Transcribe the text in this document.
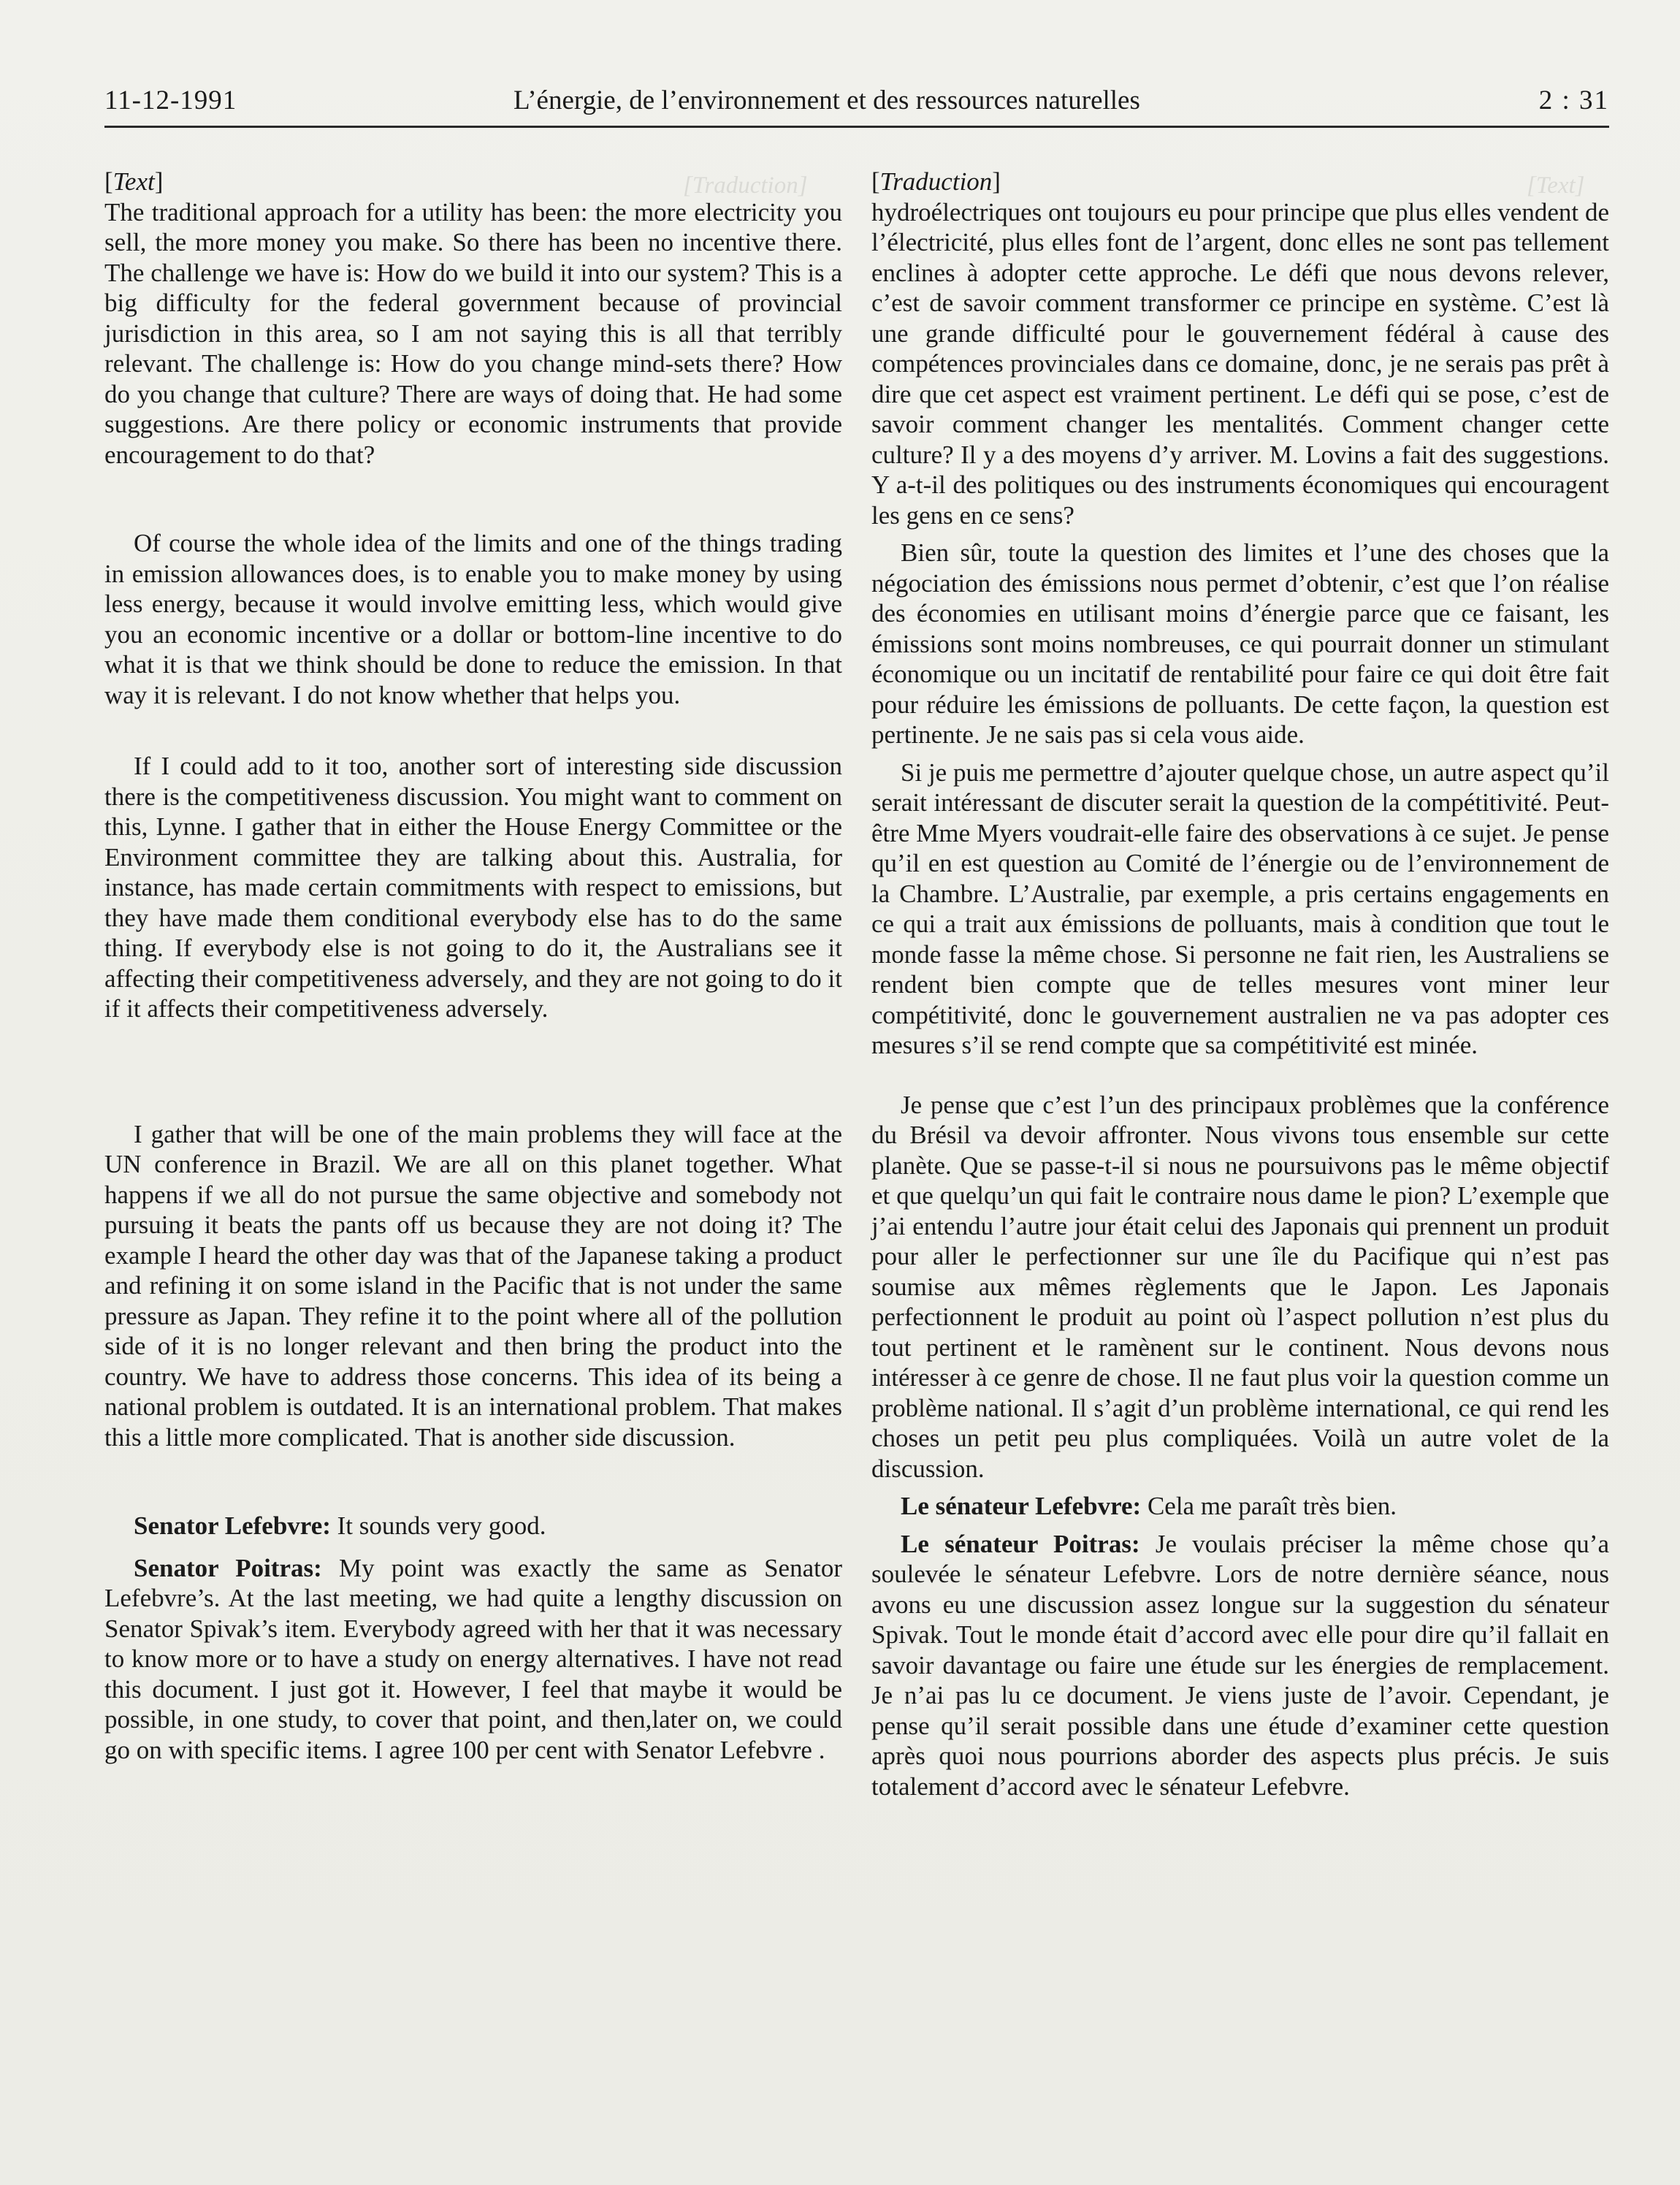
11-12-1991	L’énergie, de l’environnement et des ressources naturelles	2 : 31
[Traduction]	[Text]

[Text]

The traditional approach for a utility has been: the more electricity you sell, the more money you make. So there has been no incentive there. The challenge we have is: How do we build it into our system? This is a big difficulty for the federal government because of provincial jurisdiction in this area, so I am not saying this is all that terribly relevant. The challenge is: How do you change mind-sets there? How do you change that culture? There are ways of doing that. He had some suggestions. Are there policy or economic instruments that provide encouragement to do that?

Of course the whole idea of the limits and one of the things trading in emission allowances does, is to enable you to make money by using less energy, because it would involve emitting less, which would give you an economic incentive or a dollar or bottom-line incentive to do what it is that we think should be done to reduce the emission. In that way it is relevant. I do not know whether that helps you.

If I could add to it too, another sort of interesting side discussion there is the competitiveness discussion. You might want to comment on this, Lynne. I gather that in either the House Energy Committee or the Environment committee they are talking about this. Australia, for instance, has made certain commitments with respect to emissions, but they have made them conditional everybody else has to do the same thing. If everybody else is not going to do it, the Australians see it affecting their competitiveness adversely, and they are not going to do it if it affects their competitiveness adversely.

I gather that will be one of the main problems they will face at the UN conference in Brazil. We are all on this planet together. What happens if we all do not pursue the same objective and somebody not pursuing it beats the pants off us because they are not doing it? The example I heard the other day was that of the Japanese taking a product and refining it on some island in the Pacific that is not under the same pressure as Japan. They refine it to the point where all of the pollution side of it is no longer relevant and then bring the product into the country. We have to address those concerns. This idea of its being a national problem is outdated. It is an international problem. That makes this a little more complicated. That is another side discussion.

Senator Lefebvre: It sounds very good.

Senator Poitras: My point was exactly the same as Senator Lefebvre’s. At the last meeting, we had quite a lengthy discussion on Senator Spivak’s item. Everybody agreed with her that it was necessary to know more or to have a study on energy alternatives. I have not read this document. I just got it. However, I feel that maybe it would be possible, in one study, to cover that point, and then,later on, we could go on with specific items. I agree 100 per cent with Senator Lefebvre .

[Traduction]

hydroélectriques ont toujours eu pour principe que plus elles vendent de l’électricité, plus elles font de l’argent, donc elles ne sont pas tellement enclines à adopter cette approche. Le défi que nous devons relever, c’est de savoir comment transformer ce principe en système. C’est là une grande difficulté pour le gouvernement fédéral à cause des compétences provinciales dans ce domaine, donc, je ne serais pas prêt à dire que cet aspect est vraiment pertinent. Le défi qui se pose, c’est de savoir comment changer les mentalités. Comment changer cette culture? Il y a des moyens d’y arriver. M. Lovins a fait des suggestions. Y a-t-il des politiques ou des instruments économiques qui encouragent les gens en ce sens?

Bien sûr, toute la question des limites et l’une des choses que la négociation des émissions nous permet d’obtenir, c’est que l’on réalise des économies en utilisant moins d’énergie parce que ce faisant, les émissions sont moins nombreuses, ce qui pourrait donner un stimulant économique ou un incitatif de rentabilité pour faire ce qui doit être fait pour réduire les émissions de polluants. De cette façon, la question est pertinente. Je ne sais pas si cela vous aide.

Si je puis me permettre d’ajouter quelque chose, un autre aspect qu’il serait intéressant de discuter serait la question de la compétitivité. Peut-être Mme Myers voudrait-elle faire des observations à ce sujet. Je pense qu’il en est question au Comité de l’énergie ou de l’environnement de la Chambre. L’Australie, par exemple, a pris certains engagements en ce qui a trait aux émissions de polluants, mais à condition que tout le monde fasse la même chose. Si personne ne fait rien, les Australiens se rendent bien compte que de telles mesures vont miner leur compétitivité, donc le gouvernement australien ne va pas adopter ces mesures s’il se rend compte que sa compétitivité est minée.

Je pense que c’est l’un des principaux problèmes que la conférence du Brésil va devoir affronter. Nous vivons tous ensemble sur cette planète. Que se passe-t-il si nous ne poursuivons pas le même objectif et que quelqu’un qui fait le contraire nous dame le pion? L’exemple que j’ai entendu l’autre jour était celui des Japonais qui prennent un produit pour aller le perfectionner sur une île du Pacifique qui n’est pas soumise aux mêmes règlements que le Japon. Les Japonais perfectionnent le produit au point où l’aspect pollution n’est plus du tout pertinent et le ramènent sur le continent. Nous devons nous intéresser à ce genre de chose. Il ne faut plus voir la question comme un problème national. Il s’agit d’un problème international, ce qui rend les choses un petit peu plus compliquées. Voilà un autre volet de la discussion.

Le sénateur Lefebvre: Cela me paraît très bien.

Le sénateur Poitras: Je voulais préciser la même chose qu’a soulevée le sénateur Lefebvre. Lors de notre dernière séance, nous avons eu une discussion assez longue sur la suggestion du sénateur Spivak. Tout le monde était d’accord avec elle pour dire qu’il fallait en savoir davantage ou faire une étude sur les énergies de remplacement. Je n’ai pas lu ce document. Je viens juste de l’avoir. Cependant, je pense qu’il serait possible dans une étude d’examiner cette question après quoi nous pourrions aborder des aspects plus précis. Je suis totalement d’accord avec le sénateur Lefebvre.
